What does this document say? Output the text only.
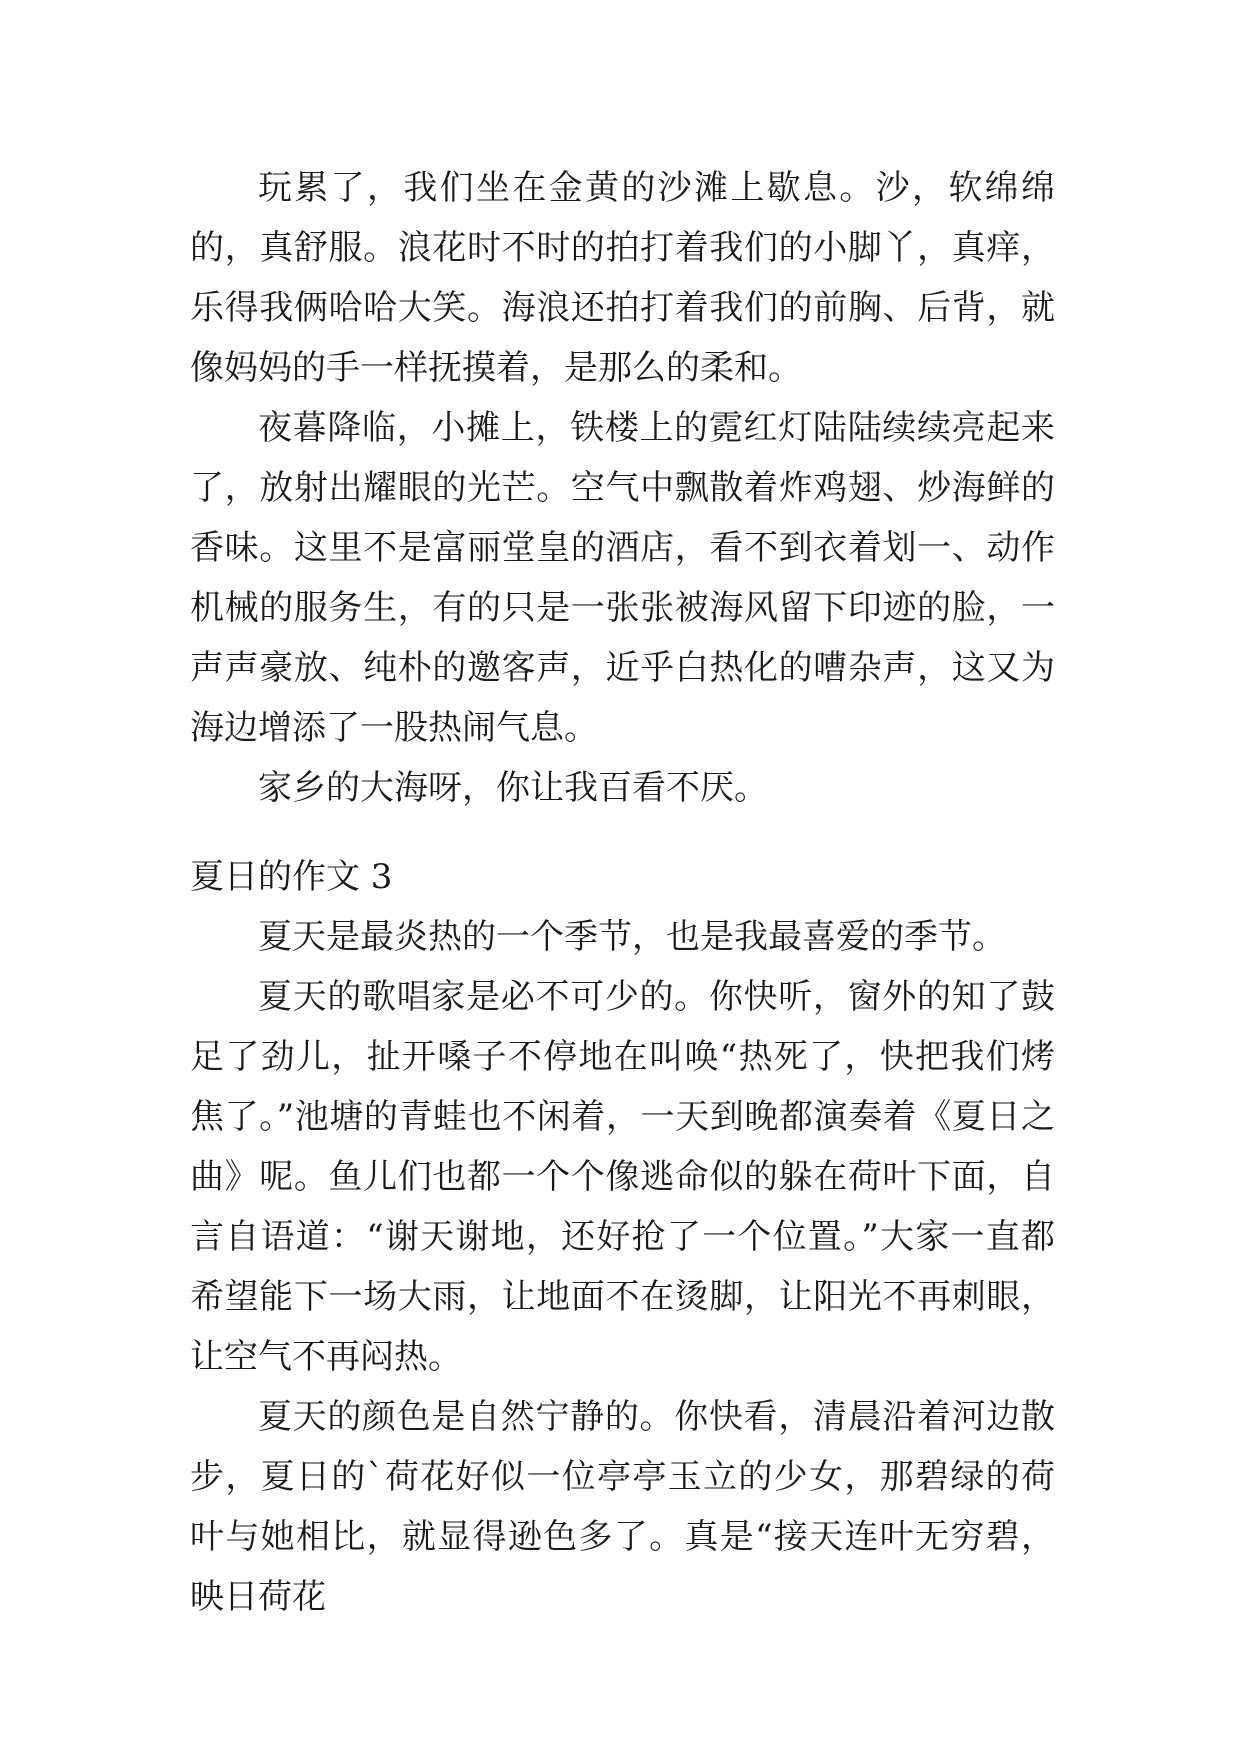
玩累了，我们坐在金黄的沙滩上歇息。沙，软绵绵的，真舒服。浪花时不时的拍打着我们的小脚丫，真痒，乐得我俩哈哈大笑。海浪还拍打着我们的前胸、后背，就像妈妈的手一样抚摸着，是那么的柔和。

夜暮降临，小摊上，铁楼上的霓红灯陆陆续续亮起来了，放射出耀眼的光芒。空气中飘散着炸鸡翅、炒海鲜的香味。这里不是富丽堂皇的酒店，看不到衣着划一、动作机械的服务生，有的只是一张张被海风留下印迹的脸，一声声豪放、纯朴的邀客声，近乎白热化的嘈杂声，这又为海边增添了一股热闹气息。

家乡的大海呀，你让我百看不厌。

夏日的作文 3

夏天是最炎热的一个季节，也是我最喜爱的季节。

夏天的歌唱家是必不可少的。你快听，窗外的知了鼓足了劲儿，扯开嗓子不停地在叫唤“热死了，快把我们烤焦了。”池塘的青蛙也不闲着，一天到晚都演奏着《夏日之曲》呢。鱼儿们也都一个个像逃命似的躲在荷叶下面，自言自语道：“谢天谢地，还好抢了一个位置。”大家一直都希望能下一场大雨，让地面不在烫脚，让阳光不再刺眼，让空气不再闷热。

夏天的颜色是自然宁静的。你快看，清晨沿着河边散步，夏日的`荷花好似一位亭亭玉立的少女，那碧绿的荷叶与她相比，就显得逊色多了。真是“接天连叶无穷碧，映日荷花
